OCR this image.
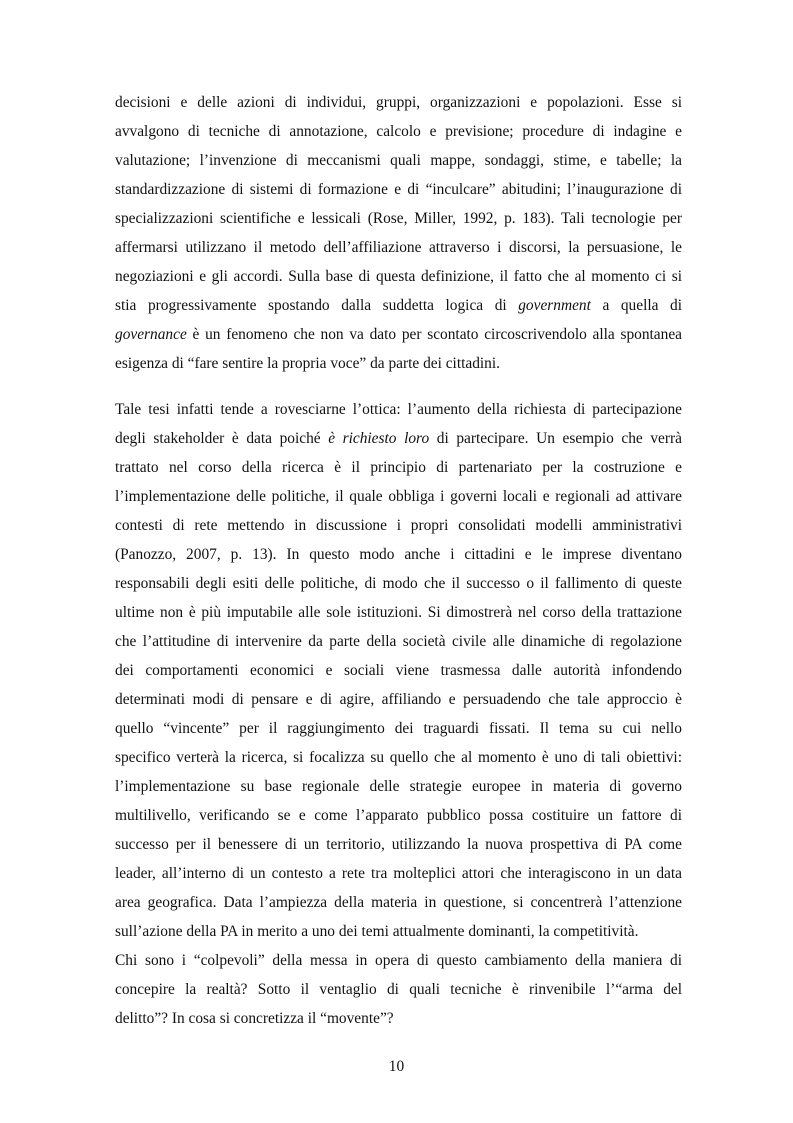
decisioni e delle azioni di individui, gruppi, organizzazioni e popolazioni. Esse si
avvalgono di tecniche di annotazione, calcolo e previsione; procedure di indagine e
valutazione; l’invenzione di meccanismi quali mappe, sondaggi, stime, e tabelle; la
standardizzazione di sistemi di formazione e di “inculcare” abitudini; l’inaugurazione di
specializzazioni scientifiche e lessicali (Rose, Miller, 1992, p. 183). Tali tecnologie per
affermarsi utilizzano il metodo dell’affiliazione attraverso i discorsi, la persuasione, le
negoziazioni e gli accordi. Sulla base di questa definizione, il fatto che al momento ci si
stia progressivamente spostando dalla suddetta logica di government a quella di
governance è un fenomeno che non va dato per scontato circoscrivendolo alla spontanea
esigenza di “fare sentire la propria voce” da parte dei cittadini.
Tale tesi infatti tende a rovesciarne l’ottica: l’aumento della richiesta di partecipazione
degli stakeholder è data poiché è richiesto loro di partecipare. Un esempio che verrà
trattato nel corso della ricerca è il principio di partenariato per la costruzione e
l’implementazione delle politiche, il quale obbliga i governi locali e regionali ad attivare
contesti di rete mettendo in discussione i propri consolidati modelli amministrativi
(Panozzo, 2007, p. 13). In questo modo anche i cittadini e le imprese diventano
responsabili degli esiti delle politiche, di modo che il successo o il fallimento di queste
ultime non è più imputabile alle sole istituzioni. Si dimostrerà nel corso della trattazione
che l’attitudine di intervenire da parte della società civile alle dinamiche di regolazione
dei comportamenti economici e sociali viene trasmessa dalle autorità infondendo
determinati modi di pensare e di agire, affiliando e persuadendo che tale approccio è
quello “vincente” per il raggiungimento dei traguardi fissati. Il tema su cui nello
specifico verterà la ricerca, si focalizza su quello che al momento è uno di tali obiettivi:
l’implementazione su base regionale delle strategie europee in materia di governo
multilivello, verificando se e come l’apparato pubblico possa costituire un fattore di
successo per il benessere di un territorio, utilizzando la nuova prospettiva di PA come
leader, all’interno di un contesto a rete tra molteplici attori che interagiscono in un data
area geografica. Data l’ampiezza della materia in questione, si concentrerà l’attenzione
sull’azione della PA in merito a uno dei temi attualmente dominanti, la competitività.
Chi sono i “colpevoli” della messa in opera di questo cambiamento della maniera di
concepire la realtà? Sotto il ventaglio di quali tecniche è rinvenibile l’“arma del
delitto”? In cosa si concretizza il “movente”?
10
